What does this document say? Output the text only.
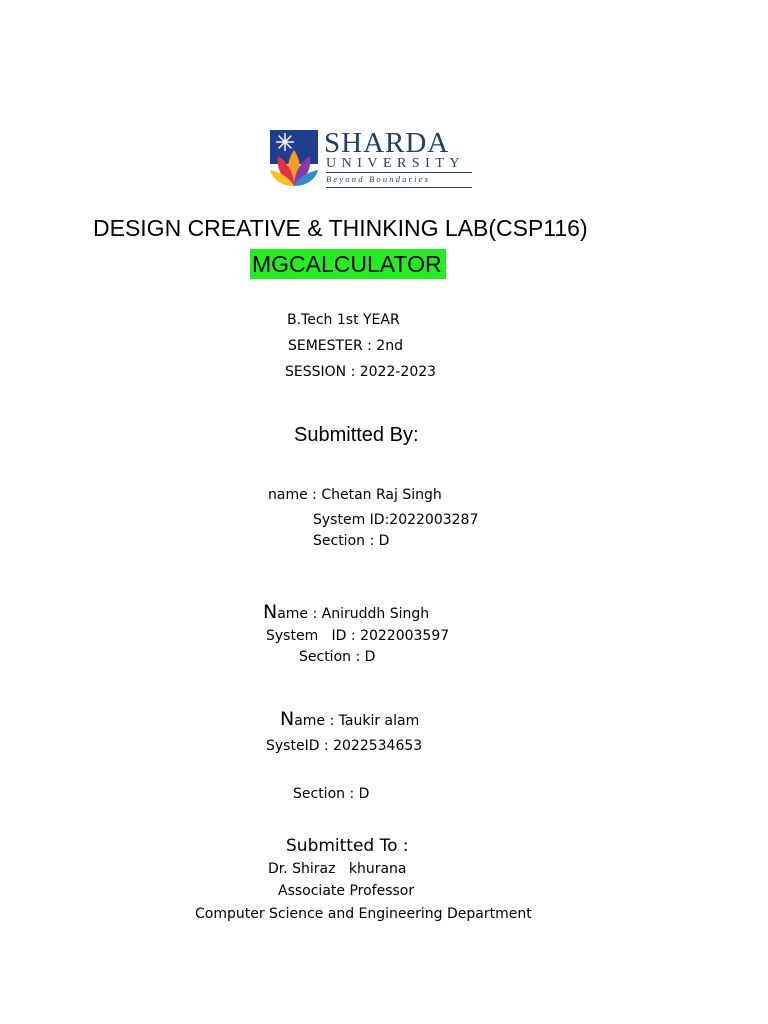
SHARDA
UNIVERSITY
Beyond Boundaries
DESIGN CREATIVE & THINKING LAB(CSP116)
MGCALCULATOR
B.Tech 1st YEAR
SEMESTER : 2nd
SESSION : 2022-2023
Submitted By:
name : Chetan Raj Singh
System ID:2022003287
Section : D
Name : Aniruddh Singh
System   ID : 2022003597
Section : D
Name : Taukir alam
SysteID : 2022534653
Section : D
Submitted To :
Dr. Shiraz   khurana
Associate Professor
Computer Science and Engineering Department
